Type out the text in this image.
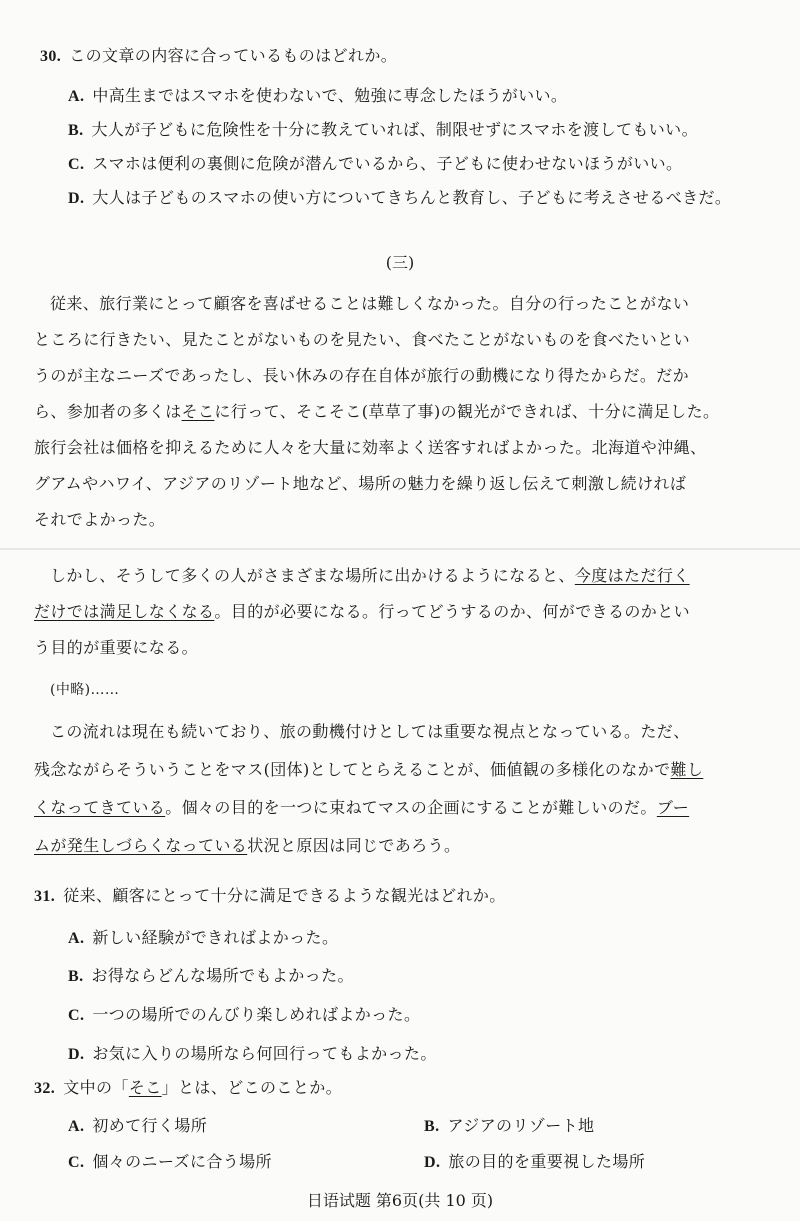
30. この文章の内容に合っているものはどれか。
A. 中高生まではスマホを使わないで、勉強に専念したほうがいい。
B. 大人が子どもに危険性を十分に教えていれば、制限せずにスマホを渡してもいい。
C. スマホは便利の裏側に危険が潜んでいるから、子どもに使わせないほうがいい。
D. 大人は子どものスマホの使い方についてきちんと教育し、子どもに考えさせるべきだ。
(三)
従来、旅行業にとって顧客を喜ばせることは難しくなかった。自分の行ったことがない
ところに行きたい、見たことがないものを見たい、食べたことがないものを食べたいとい
うのが主なニーズであったし、長い休みの存在自体が旅行の動機になり得たからだ。だか
ら、参加者の多くはそこに行って、そこそこ(草草了事)の観光ができれば、十分に満足した。
旅行会社は価格を抑えるために人々を大量に効率よく送客すればよかった。北海道や沖縄、
グアムやハワイ、アジアのリゾート地など、場所の魅力を繰り返し伝えて刺激し続ければ
それでよかった。
しかし、そうして多くの人がさまざまな場所に出かけるようになると、今度はただ行く
だけでは満足しなくなる。目的が必要になる。行ってどうするのか、何ができるのかとい
う目的が重要になる。
(中略)……
この流れは現在も続いており、旅の動機付けとしては重要な視点となっている。ただ、
残念ながらそういうことをマス(団体)としてとらえることが、価値観の多様化のなかで難し
くなってきている。個々の目的を一つに束ねてマスの企画にすることが難しいのだ。ブー
ムが発生しづらくなっている状況と原因は同じであろう。
31. 従来、顧客にとって十分に満足できるような観光はどれか。
A. 新しい経験ができればよかった。
B. お得ならどんな場所でもよかった。
C. 一つの場所でのんびり楽しめればよかった。
D. お気に入りの場所なら何回行ってもよかった。
32. 文中の「そこ」とは、どこのことか。
A. 初めて行く場所	B. アジアのリゾート地
C. 個々のニーズに合う場所	D. 旅の目的を重要視した場所
日语试题 第6页(共 10 页)
